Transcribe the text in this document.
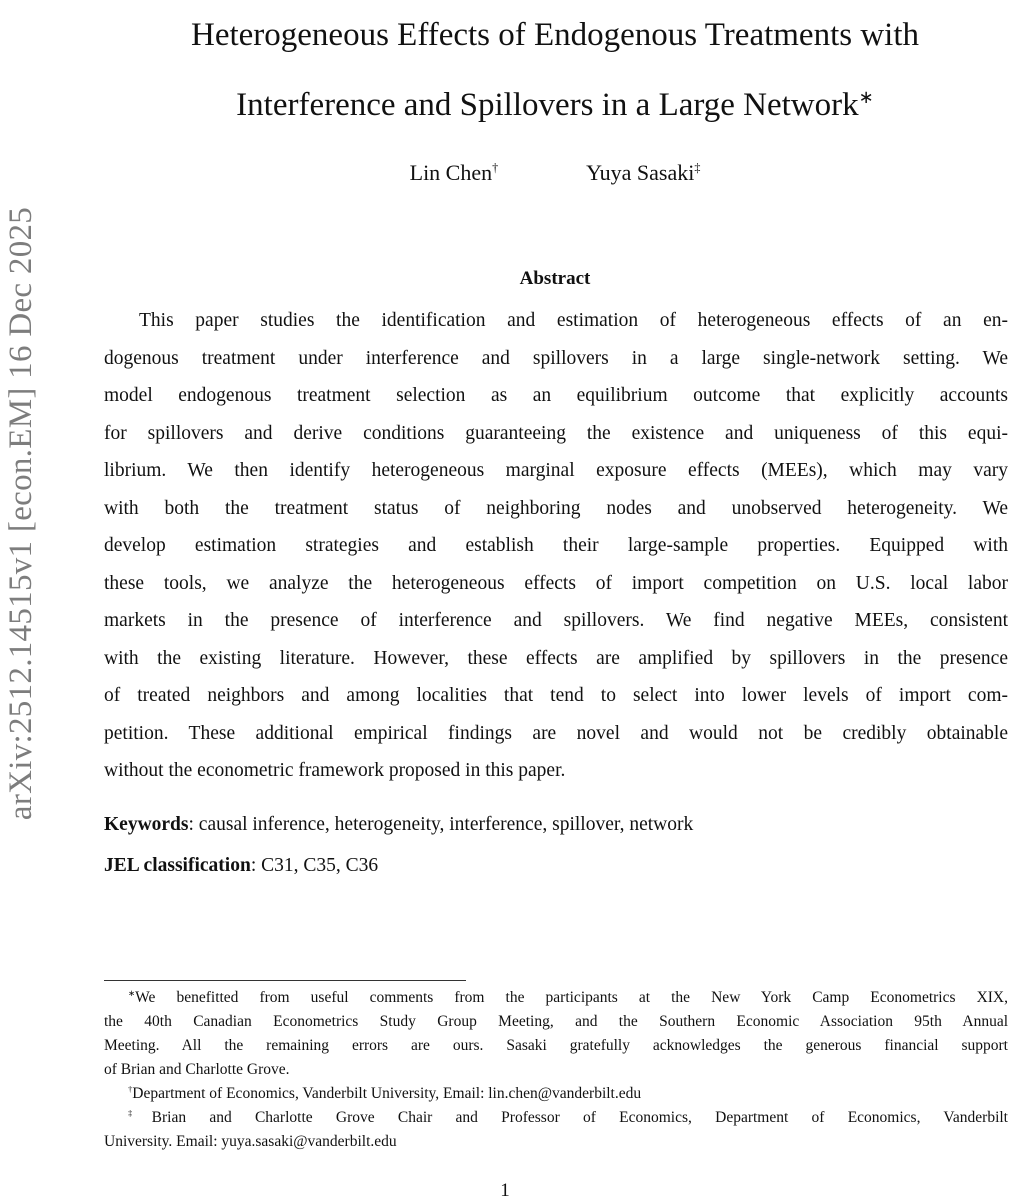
arXiv:2512.14515v1 [econ.EM] 16 Dec 2025
Heterogeneous Effects of Endogenous Treatments with
Interference and Spillovers in a Large Network∗
Lin Chen†	Yuya Sasaki‡
Abstract

This paper studies the identification and estimation of heterogeneous effects of an en-
dogenous treatment under interference and spillovers in a large single-network setting. We
model endogenous treatment selection as an equilibrium outcome that explicitly accounts
for spillovers and derive conditions guaranteeing the existence and uniqueness of this equi-
librium. We then identify heterogeneous marginal exposure effects (MEEs), which may vary
with both the treatment status of neighboring nodes and unobserved heterogeneity. We
develop estimation strategies and establish their large-sample properties. Equipped with
these tools, we analyze the heterogeneous effects of import competition on U.S. local labor
markets in the presence of interference and spillovers. We find negative MEEs, consistent
with the existing literature. However, these effects are amplified by spillovers in the presence
of treated neighbors and among localities that tend to select into lower levels of import com-
petition. These additional empirical findings are novel and would not be credibly obtainable
without the econometric framework proposed in this paper.

Keywords: causal inference, heterogeneity, interference, spillover, network
JEL classification: C31, C35, C36

∗We benefitted from useful comments from the participants at the New York Camp Econometrics XIX,
the 40th Canadian Econometrics Study Group Meeting, and the Southern Economic Association 95th Annual
Meeting. All the remaining errors are ours. Sasaki gratefully acknowledges the generous financial support
of Brian and Charlotte Grove.

†Department of Economics, Vanderbilt University, Email: lin.chen@vanderbilt.edu

‡Brian and Charlotte Grove Chair and Professor of Economics, Department of Economics, Vanderbilt
University. Email: yuya.sasaki@vanderbilt.edu

1
